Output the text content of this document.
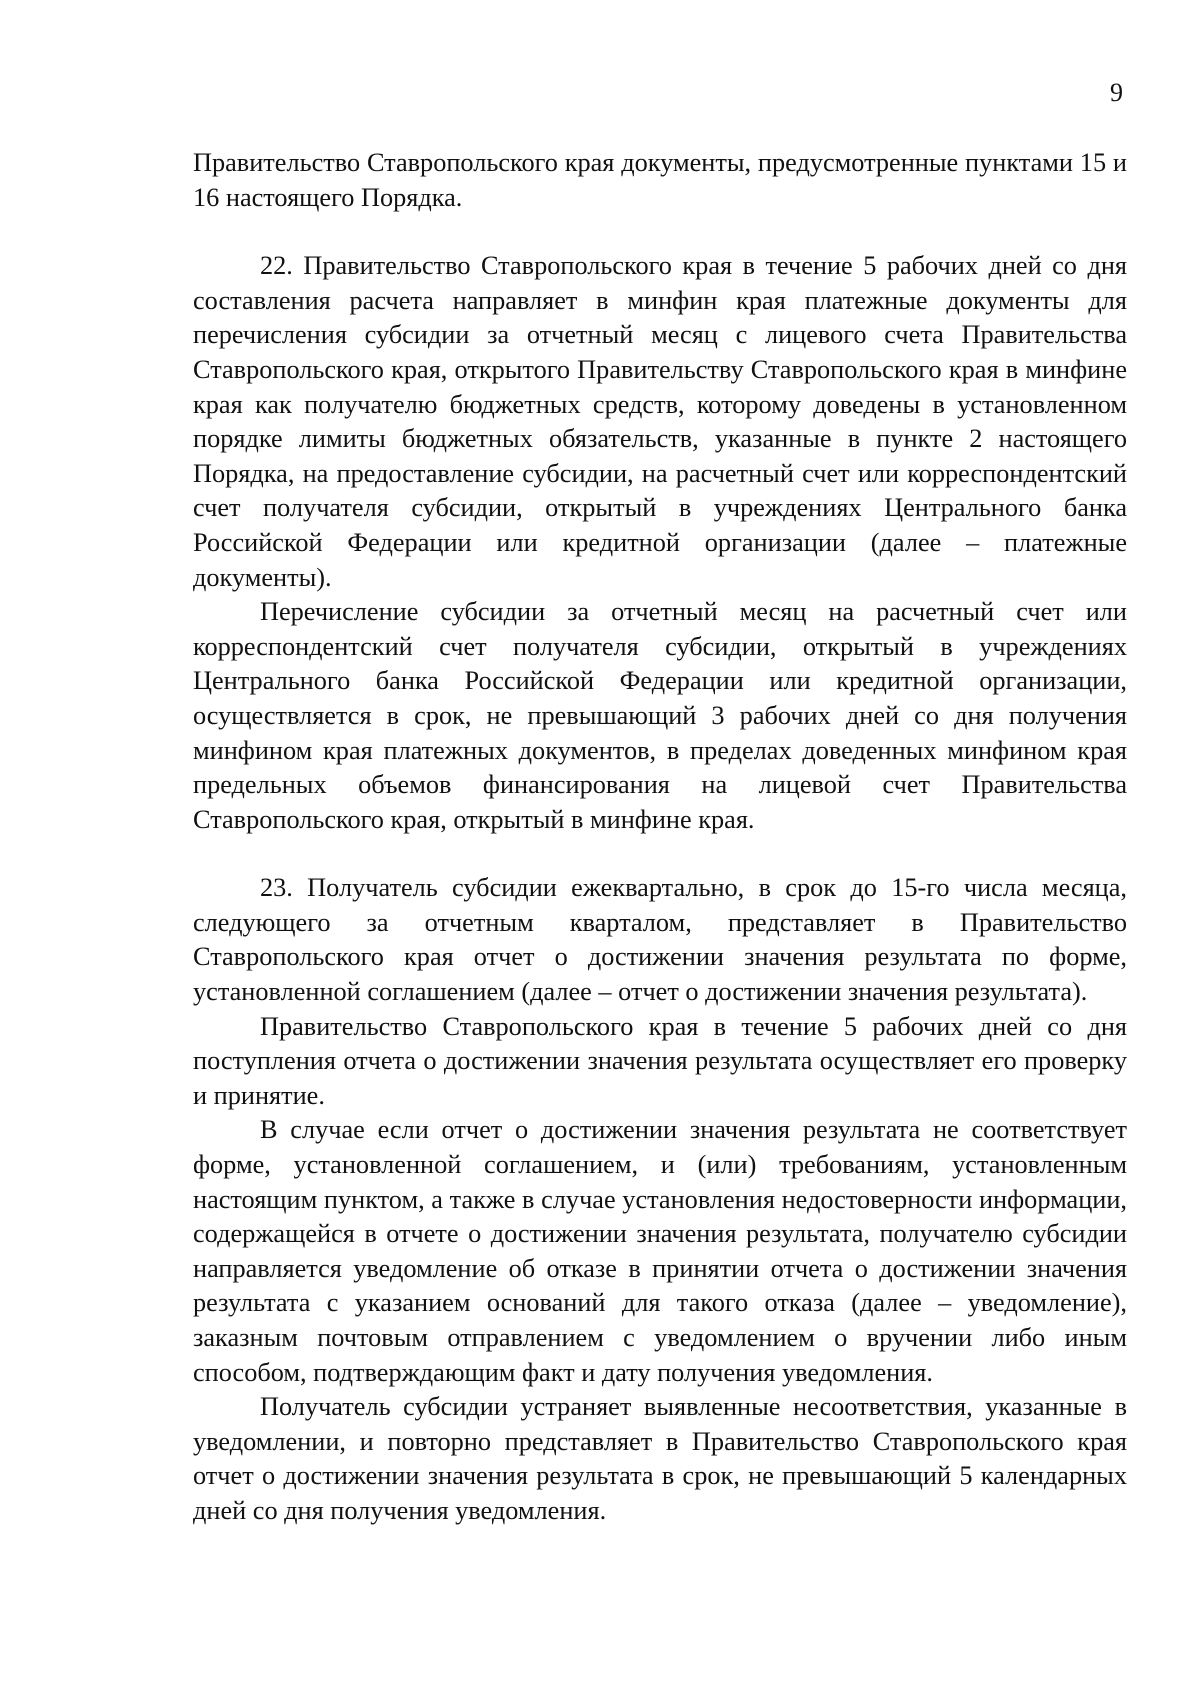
9

Правительство Ставропольского края документы, предусмотренные пунктами 15 и 16 настоящего Порядка.

22. Правительство Ставропольского края в течение 5 рабочих дней со дня составления расчета направляет в минфин края платежные документы для перечисления субсидии за отчетный месяц с лицевого счета Правительства Ставропольского края, открытого Правительству Ставропольского края в минфине края как получателю бюджетных средств, которому доведены в установленном порядке лимиты бюджетных обязательств, указанные в пункте 2 настоящего Порядка, на предоставление субсидии, на расчетный счет или корреспондентский счет получателя субсидии, открытый в учреждениях Центрального банка Российской Федерации или кредитной организации (далее – платежные документы).

Перечисление субсидии за отчетный месяц на расчетный счет или корреспондентский счет получателя субсидии, открытый в учреждениях Центрального банка Российской Федерации или кредитной организации, осуществляется в срок, не превышающий 3 рабочих дней со дня получения минфином края платежных документов, в пределах доведенных минфином края предельных объемов финансирования на лицевой счет Правительства Ставропольского края, открытый в минфине края.

23. Получатель субсидии ежеквартально, в срок до 15-го числа месяца, следующего за отчетным кварталом, представляет в Правительство Ставропольского края отчет о достижении значения результата по форме, установленной соглашением (далее – отчет о достижении значения результата).

Правительство Ставропольского края в течение 5 рабочих дней со дня поступления отчета о достижении значения результата осуществляет его проверку и принятие.

В случае если отчет о достижении значения результата не соответствует форме, установленной соглашением, и (или) требованиям, установленным настоящим пунктом, а также в случае установления недостоверности информации, содержащейся в отчете о достижении значения результата, получателю субсидии направляется уведомление об отказе в принятии отчета о достижении значения результата с указанием оснований для такого отказа (далее – уведомление), заказным почтовым отправлением с уведомлением о вручении либо иным способом, подтверждающим факт и дату получения уведомления.

Получатель субсидии устраняет выявленные несоответствия, указанные в уведомлении, и повторно представляет в Правительство Ставропольского края отчет о достижении значения результата в срок, не превышающий 5 календарных дней со дня получения уведомления.
